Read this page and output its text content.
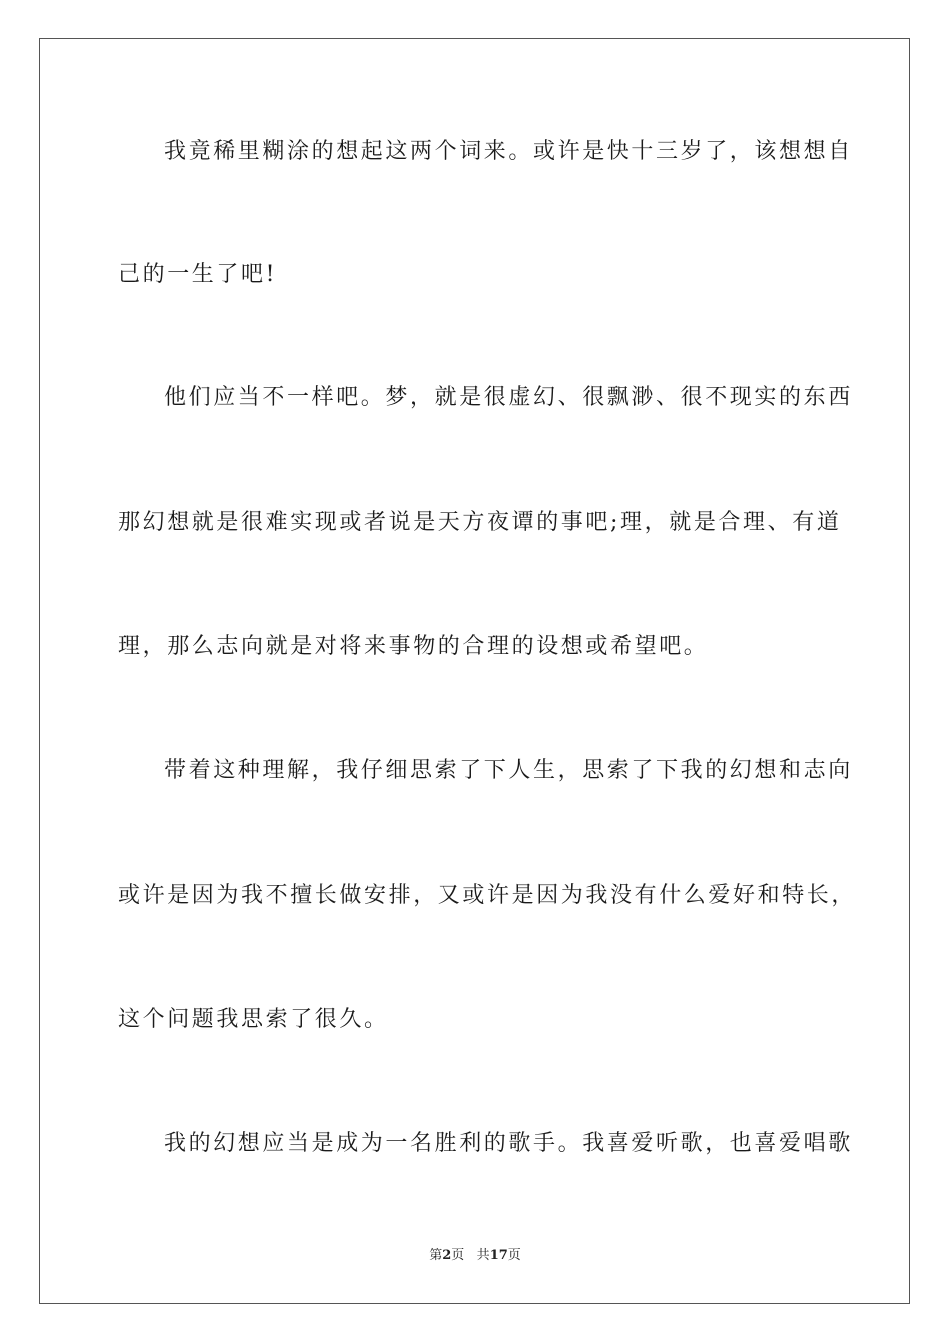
我竟稀里糊涂的想起这两个词来。或许是快十三岁了，该想想自
己的一生了吧!
他们应当不一样吧。梦，就是很虚幻、很飘渺、很不现实的东西
那幻想就是很难实现或者说是天方夜谭的事吧;理，就是合理、有道
理，那么志向就是对将来事物的合理的设想或希望吧。
带着这种理解，我仔细思索了下人生，思索了下我的幻想和志向
或许是因为我不擅长做安排，又或许是因为我没有什么爱好和特长，
这个问题我思索了很久。
我的幻想应当是成为一名胜利的歌手。我喜爱听歌，也喜爱唱歌
第2页 共17页
